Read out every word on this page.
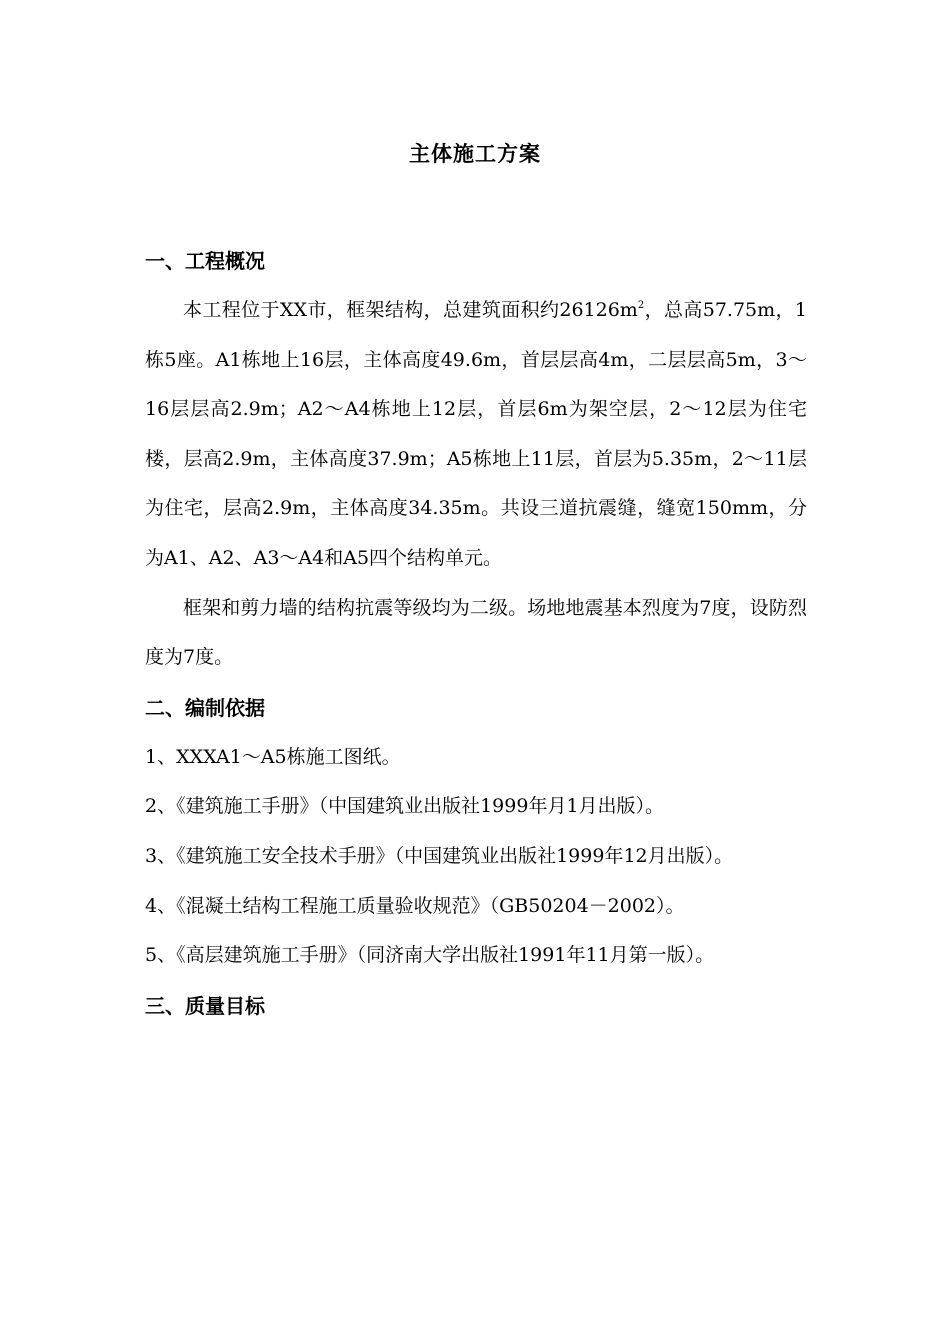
主体施工方案
一、工程概况

本工程位于XX市，框架结构，总建筑面积约$26126m^2$，总高57.75m，1栋5座。A1栋地上16层，主体高度49.6m，首层层高4m，二层层高5m，3～16层层高2.9m；A2～A4栋地上12层，首层6m为架空层，2～12层为住宅楼，层高2.9m，主体高度37.9m；A5栋地上11层，首层为5.35m，2～11层为住宅，层高2.9m，主体高度34.35m。共设三道抗震缝，缝宽150mm，分为A1、A2、A3～A4和A5四个结构单元。

框架和剪力墙的结构抗震等级均为二级。场地地震基本烈度为7度，设防烈度为7度。

二、编制依据

1、XXXA1～A5栋施工图纸。

2、《建筑施工手册》（中国建筑业出版社1999年月1月出版）。

3、《建筑施工安全技术手册》（中国建筑业出版社1999年12月出版）。

4、《混凝土结构工程施工质量验收规范》（GB50204－2002）。

5、《高层建筑施工手册》（同济南大学出版社1991年11月第一版）。

三、质量目标
